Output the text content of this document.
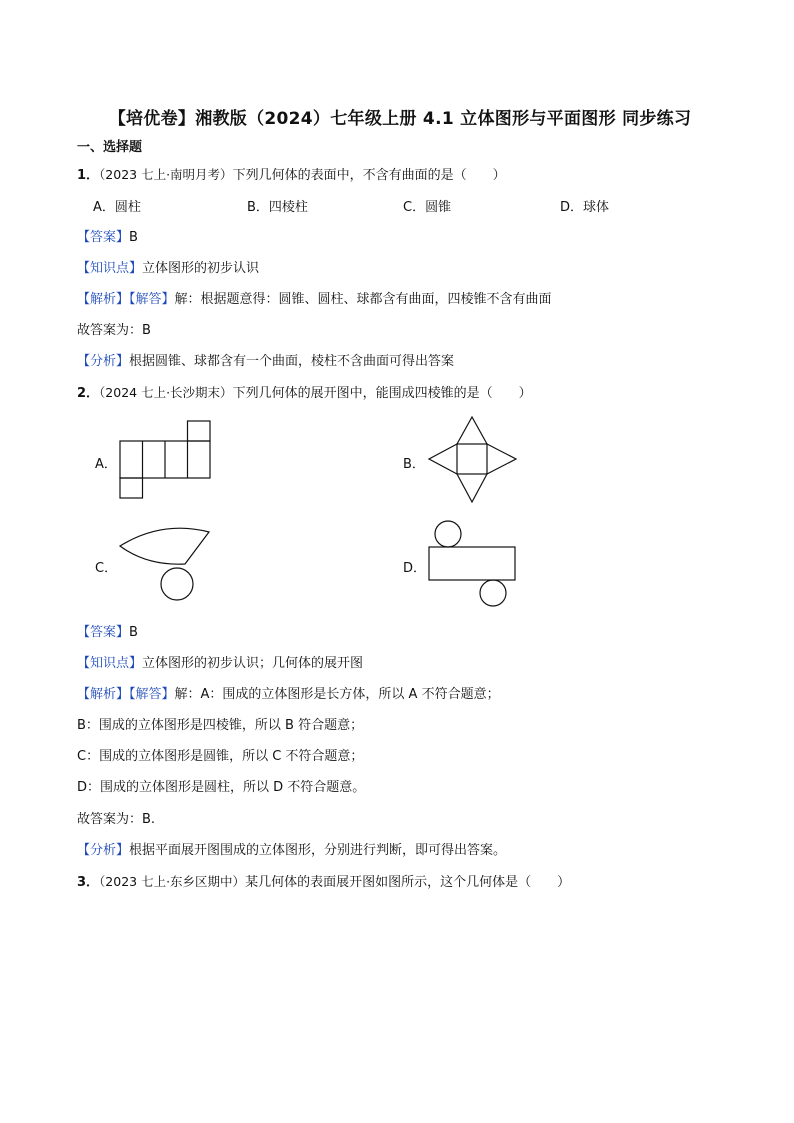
【培优卷】湘教版（2024）七年级上册 4.1 立体图形与平面图形 同步练习
一、选择题
1．（2023 七上·南明月考）下列几何体的表面中，不含有曲面的是（　　）
A．圆柱	B．四棱柱	C．圆锥	D．球体
【答案】B
【知识点】立体图形的初步认识
【解析】【解答】解：根据题意得：圆锥、圆柱、球都含有曲面，四棱锥不含有曲面
故答案为：B
【分析】根据圆锥、球都含有一个曲面，棱柱不含曲面可得出答案
2．（2024 七上·长沙期末）下列几何体的展开图中，能围成四棱锥的是（　　）
A．	B．
C．	D．
【答案】B
【知识点】立体图形的初步认识；几何体的展开图
【解析】【解答】解：A：围成的立体图形是长方体，所以 A 不符合题意；
B：围成的立体图形是四棱锥，所以 B 符合题意；
C：围成的立体图形是圆锥，所以 C 不符合题意；
D：围成的立体图形是圆柱，所以 D 不符合题意。
故答案为：B.
【分析】根据平面展开图围成的立体图形，分别进行判断，即可得出答案。
3．（2023 七上·东乡区期中）某几何体的表面展开图如图所示，这个几何体是（　　）
